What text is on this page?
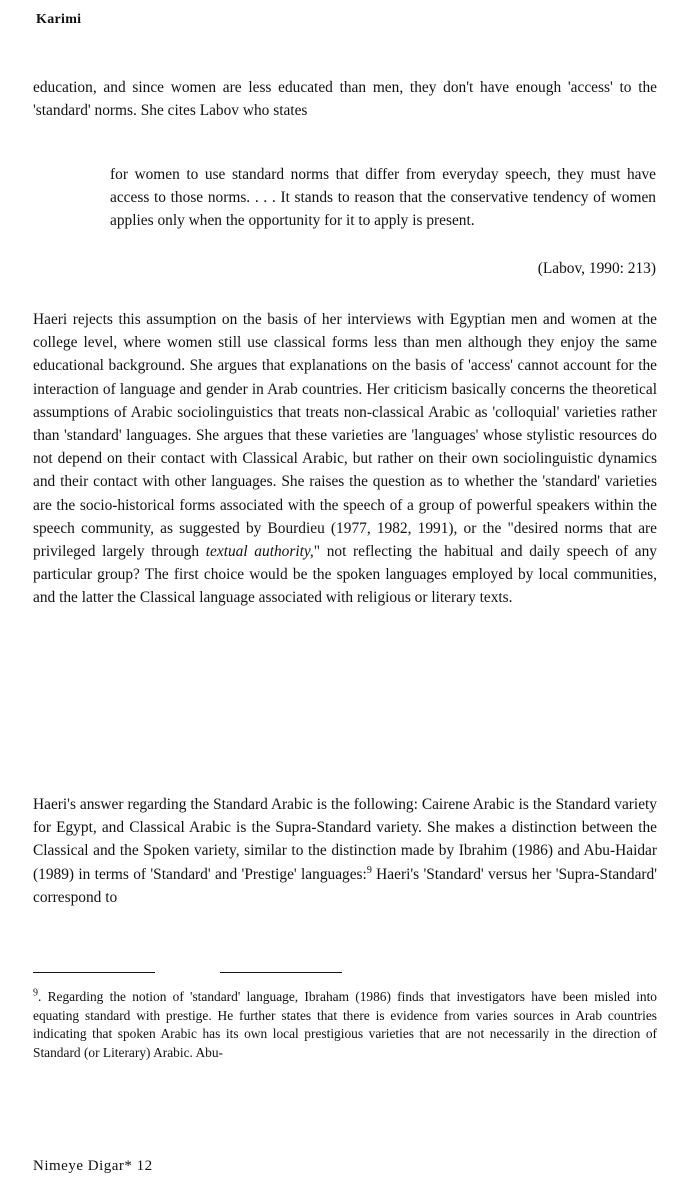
Karimi

education, and since women are less educated than men, they don't have enough 'access' to the 'standard' norms. She cites Labov who states

for women to use standard norms that differ from everyday speech, they must have access to those norms. . . . It stands to reason that the conservative tendency of women applies only when the opportunity for it to apply is present.

(Labov, 1990: 213)

Haeri rejects this assumption on the basis of her interviews with Egyptian men and women at the college level, where women still use classical forms less than men although they enjoy the same educational background. She argues that explanations on the basis of 'access' cannot account for the interaction of language and gender in Arab countries. Her criticism basically concerns the theoretical assumptions of Arabic sociolinguistics that treats non-classical Arabic as 'colloquial' varieties rather than 'standard' languages. She argues that these varieties are 'languages' whose stylistic resources do not depend on their contact with Classical Arabic, but rather on their own sociolinguistic dynamics and their contact with other languages. She raises the question as to whether the 'standard' varieties are the socio-historical forms associated with the speech of a group of powerful speakers within the speech community, as suggested by Bourdieu (1977, 1982, 1991), or the "desired norms that are privileged largely through textual authority," not reflecting the habitual and daily speech of any particular group? The first choice would be the spoken languages employed by local communities, and the latter the Classical language associated with religious or literary texts.

Haeri's answer regarding the Standard Arabic is the following: Cairene Arabic is the Standard variety for Egypt, and Classical Arabic is the Supra-Standard variety. She makes a distinction between the Classical and the Spoken variety, similar to the distinction made by Ibrahim (1986) and Abu-Haidar (1989) in terms of 'Standard' and 'Prestige' languages:$^9$ Haeri's 'Standard' versus her 'Supra-Standard' correspond to

$^9$. Regarding the notion of 'standard' language, Ibraham (1986) finds that investigators have been misled into equating standard with prestige. He further states that there is evidence from varies sources in Arab countries indicating that spoken Arabic has its own local prestigious varieties that are not necessarily in the direction of Standard (or Literary) Arabic. Abu-

Nimeye Digar* 12
